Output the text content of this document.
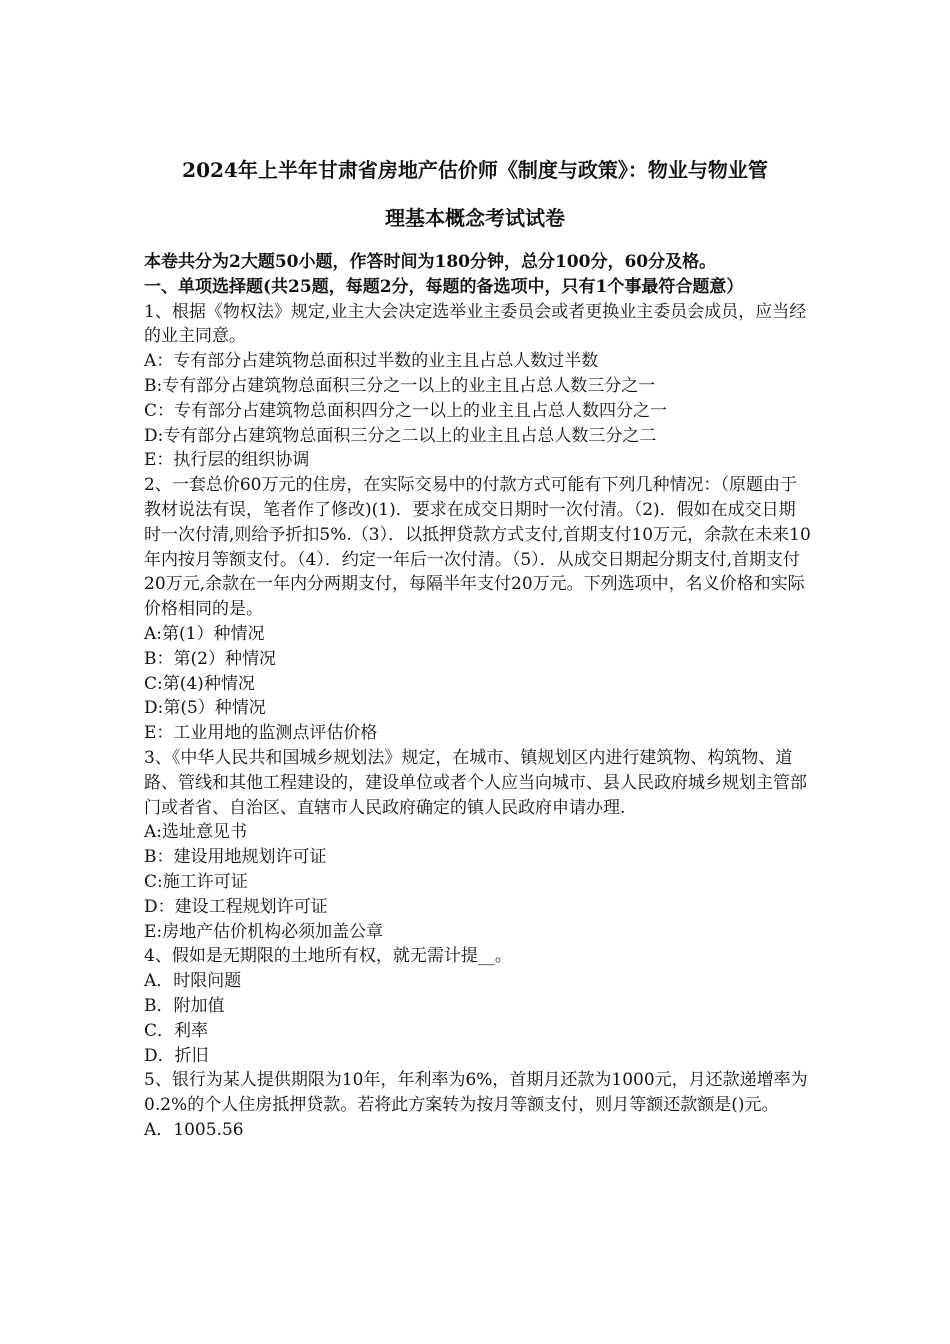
2024年上半年甘肃省房地产估价师《制度与政策》：物业与物业管
理基本概念考试试卷

本卷共分为2大题50小题，作答时间为180分钟，总分100分，60分及格。

一、单项选择题(共25题，每题2分，每题的备选项中，只有1个事最符合题意）

1、根据《物权法》规定,业主大会决定选举业主委员会或者更换业主委员会成员，应当经的业主同意。

A：专有部分占建筑物总面积过半数的业主且占总人数过半数

B:专有部分占建筑物总面积三分之一以上的业主且占总人数三分之一

C：专有部分占建筑物总面积四分之一以上的业主且占总人数四分之一

D:专有部分占建筑物总面积三分之二以上的业主且占总人数三分之二

E：执行层的组织协调

2、一套总价60万元的住房，在实际交易中的付款方式可能有下列几种情况：（原题由于教材说法有误，笔者作了修改)(1)．要求在成交日期时一次付清。（2)．假如在成交日期时一次付清,则给予折扣5%.（3）．以抵押贷款方式支付,首期支付10万元，余款在未来10年内按月等额支付。（4）．约定一年后一次付清。（5）．从成交日期起分期支付,首期支付20万元,余款在一年内分两期支付，每隔半年支付20万元。下列选项中，名义价格和实际价格相同的是。

A:第(1）种情况

B：第(2）种情况

C:第(4)种情况

D:第(5）种情况

E：工业用地的监测点评估价格

3、《中华人民共和国城乡规划法》规定，在城市、镇规划区内进行建筑物、构筑物、道路、管线和其他工程建设的，建设单位或者个人应当向城市、县人民政府城乡规划主管部门或者省、自治区、直辖市人民政府确定的镇人民政府申请办理.

A:选址意见书

B：建设用地规划许可证

C:施工许可证

D：建设工程规划许可证

E:房地产估价机构必须加盖公章

4、假如是无期限的土地所有权，就无需计提__。

A．时限问题

B．附加值

C．利率

D．折旧

5、银行为某人提供期限为10年，年利率为6%，首期月还款为1000元，月还款递增率为0.2%的个人住房抵押贷款。若将此方案转为按月等额支付，则月等额还款额是()元。

A．1005.56
